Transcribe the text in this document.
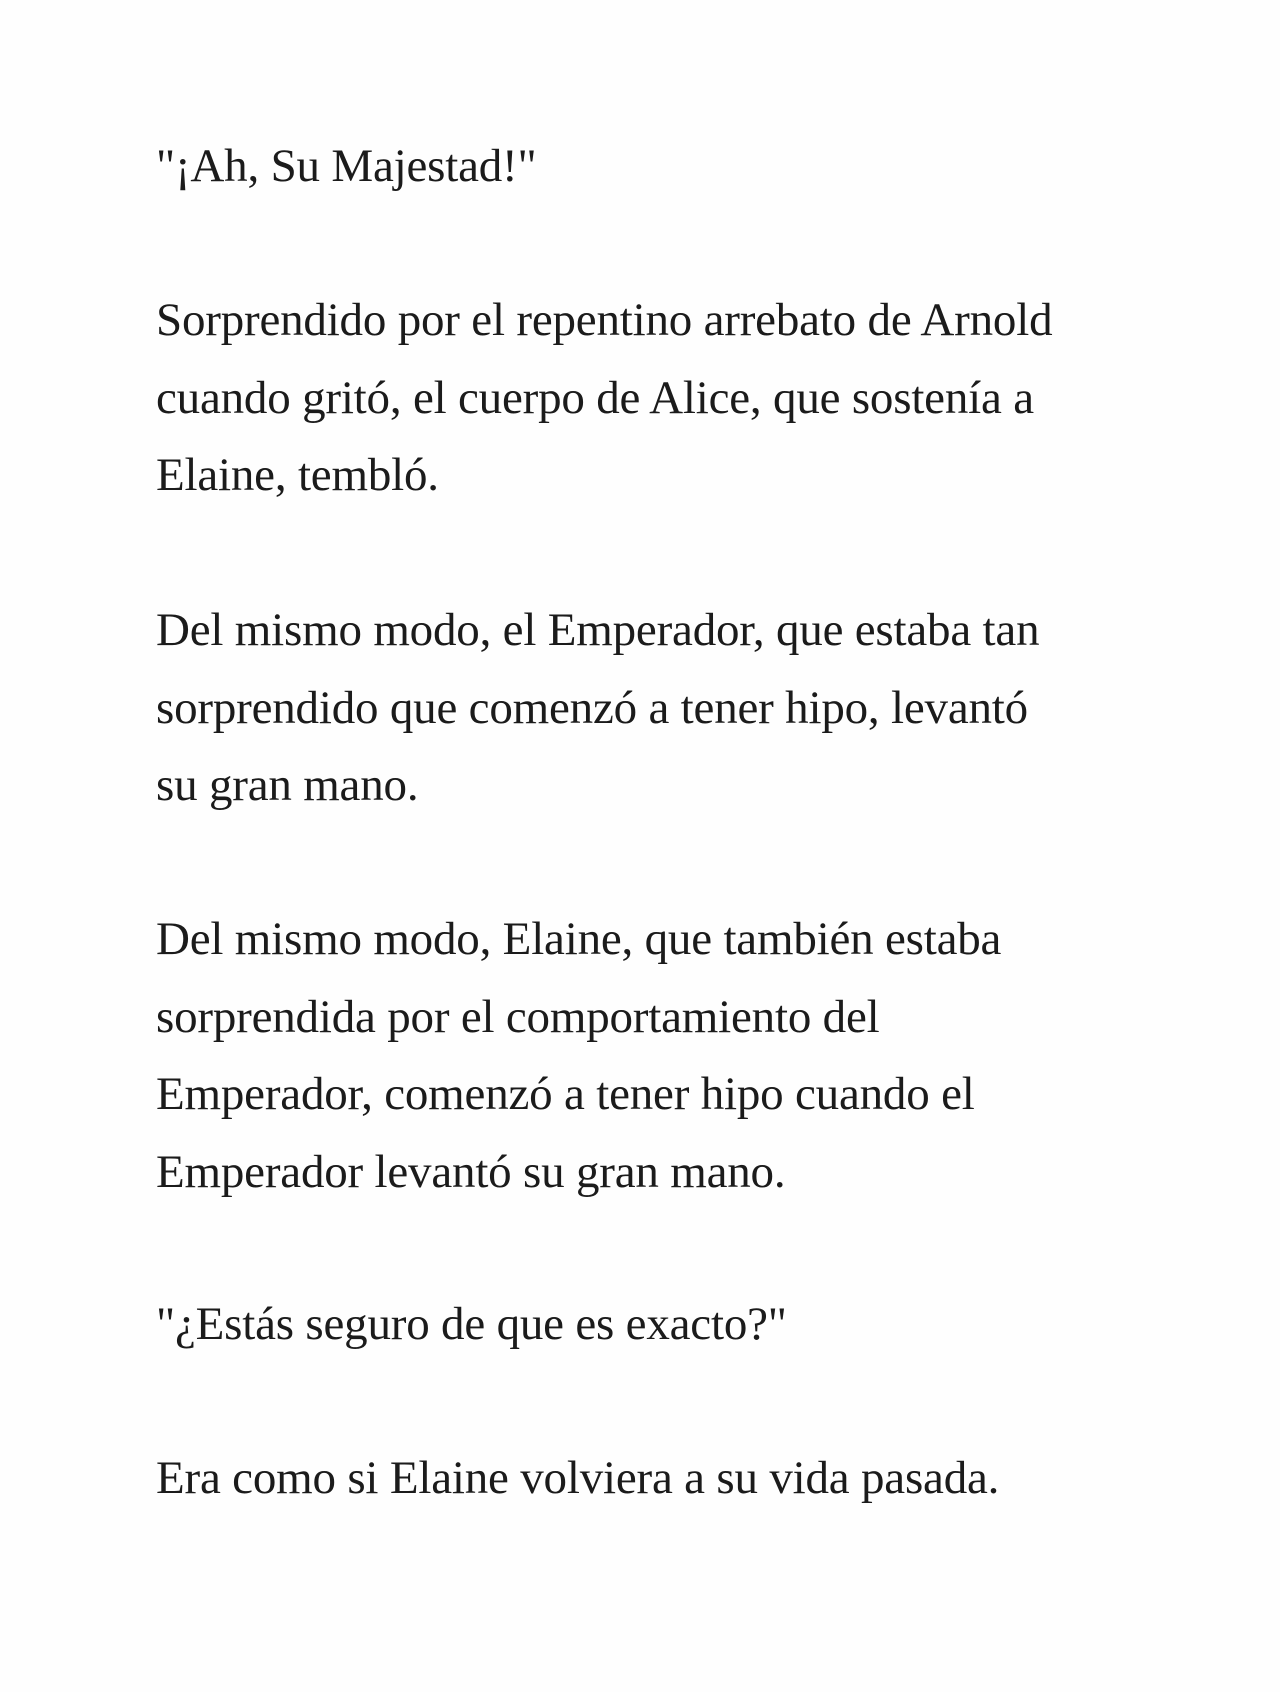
"¡Ah, Su Majestad!"

Sorprendido por el repentino arrebato de Arnold
cuando gritó, el cuerpo de Alice, que sostenía a
Elaine, tembló.

Del mismo modo, el Emperador, que estaba tan
sorprendido que comenzó a tener hipo, levantó
su gran mano.

Del mismo modo, Elaine, que también estaba
sorprendida por el comportamiento del
Emperador, comenzó a tener hipo cuando el
Emperador levantó su gran mano.

"¿Estás seguro de que es exacto?"

Era como si Elaine volviera a su vida pasada.
